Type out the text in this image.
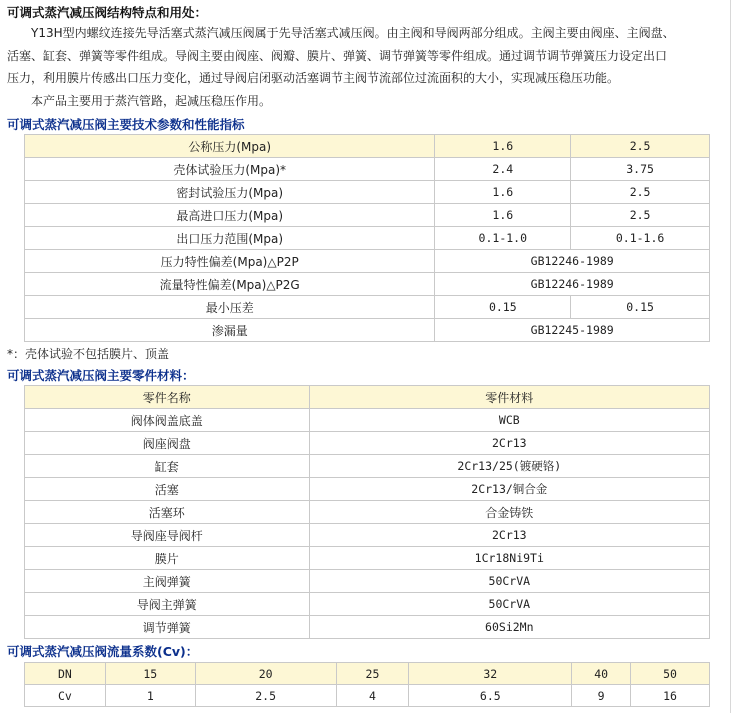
可调式蒸汽减压阀结构特点和用处：
Y13H型内螺纹连接先导活塞式蒸汽减压阀属于先导活塞式减压阀。由主阀和导阀两部分组成。主阀主要由阀座、主阀盘、
活塞、缸套、弹簧等零件组成。导阀主要由阀座、阀瓣、膜片、弹簧、调节弹簧等零件组成。通过调节调节弹簧压力设定出口
压力，利用膜片传感出口压力变化，通过导阀启闭驱动活塞调节主阀节流部位过流面积的大小，实现减压稳压功能。
本产品主要用于蒸汽管路，起减压稳压作用。
可调式蒸汽减压阀主要技术参数和性能指标
公称压力(Mpa)	1.6	2.5
壳体试验压力(Mpa)*	2.4	3.75
密封试验压力(Mpa)	1.6	2.5
最高进口压力(Mpa)	1.6	2.5
出口压力范围(Mpa)	0.1-1.0	0.1-1.6
压力特性偏差(Mpa)△P2P	GB12246-1989	
流量特性偏差(Mpa)△P2G	GB12246-1989	
最小压差	0.15	0.15
渗漏量	GB12245-1989	
*：壳体试验不包括膜片、顶盖
可调式蒸汽减压阀主要零件材料：
零件名称	零件材料
阀体阀盖底盖	WCB
阀座阀盘	2Cr13
缸套	2Cr13/25(镀硬铬)
活塞	2Cr13/铜合金
活塞环	合金铸铁
导阀座导阀杆	2Cr13
膜片	1Cr18Ni9Ti
主阀弹簧	50CrVA
导阀主弹簧	50CrVA
调节弹簧	60Si2Mn
可调式蒸汽减压阀流量系数(Cv)：
DN	15	20	25	32	40	50
Cv	1	2.5	4	6.5	9	16
